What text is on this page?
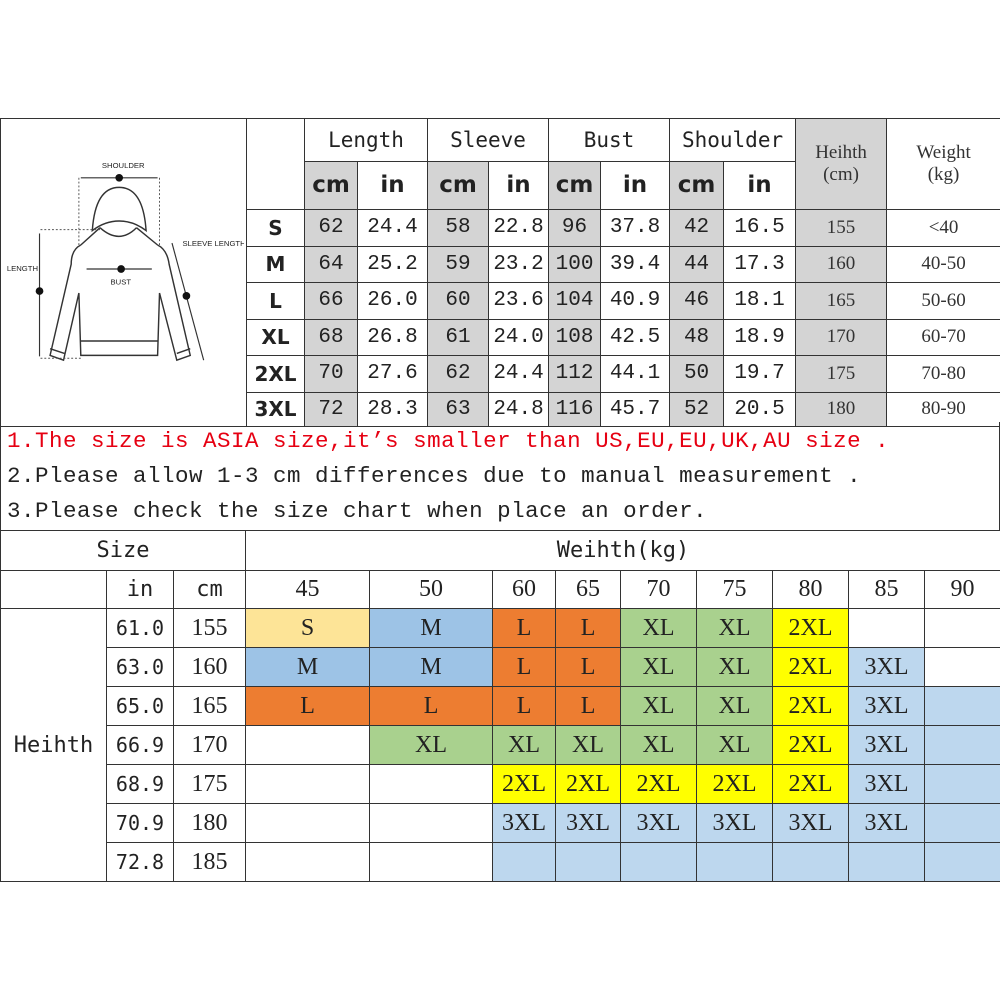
SHOULDER
BUST
LENGTH
SLEEVE LENGTH		Length		Sleeve		Bust		Shoulder		Heihth
(cm)	Weight
(kg)
		cm	in	cm	in	cm	in	cm	in		
	S	62	24.4	58	22.8	96	37.8	42	16.5	155	<40
	M	64	25.2	59	23.2	100	39.4	44	17.3	160	40-50
	L	66	26.0	60	23.6	104	40.9	46	18.1	165	50-60
	XL	68	26.8	61	24.0	108	42.5	48	18.9	170	60-70
	2XL	70	27.6	62	24.4	112	44.1	50	19.7	175	70-80
	3XL	72	28.3	63	24.8	116	45.7	52	20.5	180	80-90
1.The size is ASIA size,it’s smaller than US,EU,EU,UK,AU size .
2.Please allow 1-3 cm differences due to manual measurement .
3.Please check the size chart when place an order.
Size			Weihth(kg)								
	in	cm	45	50	60	65	70	75	80	85	90
Heihth	61.0	155	S	M	L	L	XL	XL	2XL		
	63.0	160	M	M	L	L	XL	XL	2XL	3XL	
	65.0	165	L	L	L	L	XL	XL	2XL	3XL	
	66.9	170		XL	XL	XL	XL	XL	2XL	3XL	
	68.9	175			2XL	2XL	2XL	2XL	2XL	3XL	
	70.9	180			3XL	3XL	3XL	3XL	3XL	3XL	
	72.8	185									
